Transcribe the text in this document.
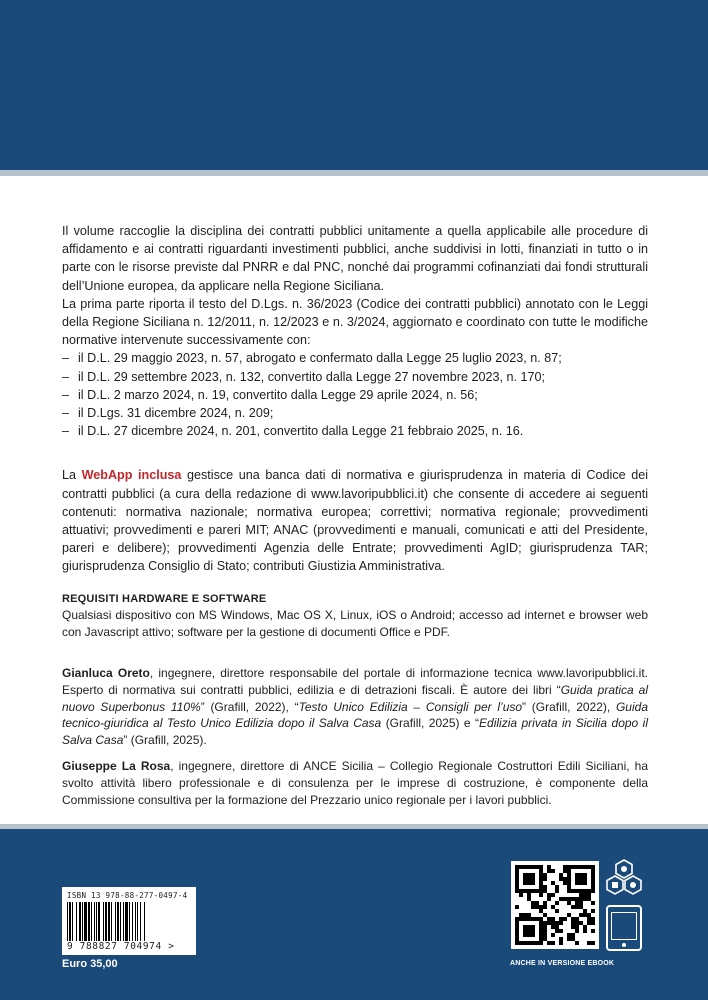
Il volume raccoglie la disciplina dei contratti pubblici unitamente a quella applicabile alle procedure di affidamento e ai contratti riguardanti investimenti pubblici, anche suddivisi in lotti, finanziati in tutto o in parte con le risorse previste dal PNRR e dal PNC, nonché dai programmi cofinanziati dai fondi strutturali dell’Unione europea, da applicare nella Regione Siciliana.

La prima parte riporta il testo del D.Lgs. n. 36/2023 (Codice dei contratti pubblici) annotato con le Leggi della Regione Siciliana n. 12/2011, n. 12/2023 e n. 3/2024, aggiornato e coordinato con tutte le modifiche normative intervenute successivamente con:

– il D.L. 29 maggio 2023, n. 57, abrogato e confermato dalla Legge 25 luglio 2023, n. 87;
– il D.L. 29 settembre 2023, n. 132, convertito dalla Legge 27 novembre 2023, n. 170;
– il D.L. 2 marzo 2024, n. 19, convertito dalla Legge 29 aprile 2024, n. 56;
– il D.Lgs. 31 dicembre 2024, n. 209;
– il D.L. 27 dicembre 2024, n. 201, convertito dalla Legge 21 febbraio 2025, n. 16.

La WebApp inclusa gestisce una banca dati di normativa e giurisprudenza in materia di Codice dei contratti pubblici (a cura della redazione di www.lavoripubblici.it) che consente di accedere ai seguenti contenuti: normativa nazionale; normativa europea; correttivi; normativa regionale; provvedimenti attuativi; provvedimenti e pareri MIT; ANAC (provvedimenti e manuali, comunicati e atti del Presidente, pareri e delibere); provvedimenti Agenzia delle Entrate; provvedimenti AgID; giurisprudenza TAR; giurisprudenza Consiglio di Stato; contributi Giustizia Amministrativa.

REQUISITI HARDWARE E SOFTWARE

Qualsiasi dispositivo con MS Windows, Mac OS X, Linux, iOS o Android; accesso ad internet e browser web con Javascript attivo; software per la gestione di documenti Office e PDF.

Gianluca Oreto, ingegnere, direttore responsabile del portale di informazione tecnica www.lavoripubblici.it. Esperto di normativa sui contratti pubblici, edilizia e di detrazioni fiscali. È autore dei libri “Guida pratica al nuovo Superbonus 110%” (Grafill, 2022), “Testo Unico Edilizia – Consigli per l’uso” (Grafill, 2022), Guida tecnico-giuridica al Testo Unico Edilizia dopo il Salva Casa (Grafill, 2025) e “Edilizia privata in Sicilia dopo il Salva Casa” (Grafill, 2025).

Giuseppe La Rosa, ingegnere, direttore di ANCE Sicilia – Collegio Regionale Costruttori Edili Siciliani, ha svolto attività libero professionale e di consulenza per le imprese di costruzione, è componente della Commissione consultiva per la formazione del Prezzario unico regionale per i lavori pubblici.

ISBN 13 978-88-277-0497-4
9 788827 704974 >
Euro 35,00	ANCHE IN VERSIONE EBOOK
